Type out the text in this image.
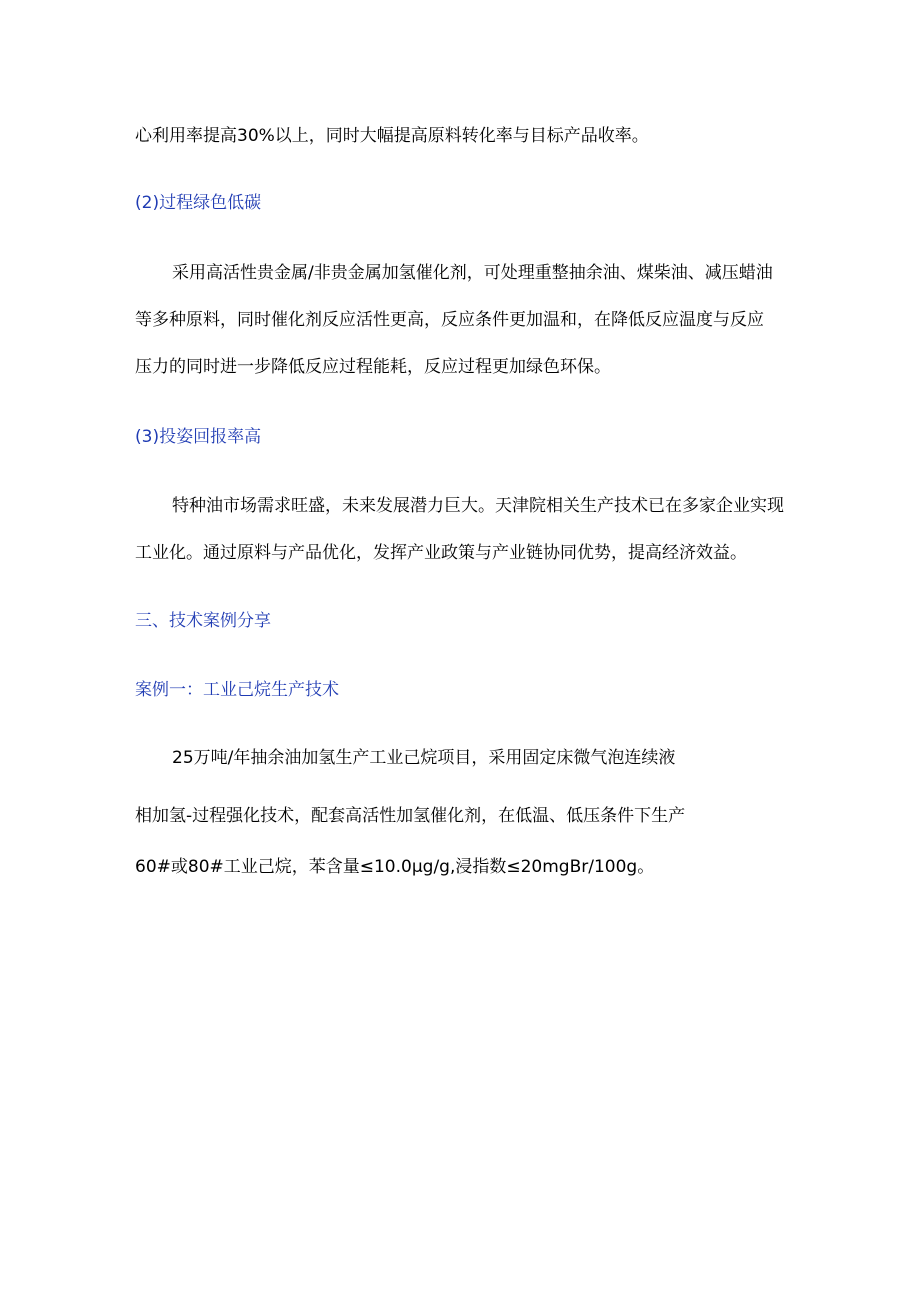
心利用率提高30%以上，同时大幅提高原料转化率与目标产品收率。
(2)过程绿色低碳
采用高活性贵金属/非贵金属加氢催化剂，可处理重整抽余油、煤柴油、减压蜡油
等多种原料，同时催化剂反应活性更高，反应条件更加温和，在降低反应温度与反应
压力的同时进一步降低反应过程能耗，反应过程更加绿色环保。
(3)投姿回报率高
特种油市场需求旺盛，未来发展潜力巨大。天津院相关生产技术已在多家企业实现
工业化。通过原料与产品优化，发挥产业政策与产业链协同优势，提高经济效益。
三、技术案例分享
案例一：工业己烷生产技术
25万吨/年抽余油加氢生产工业己烷项目，采用固定床微气泡连续液
相加氢-过程强化技术，配套高活性加氢催化剂，在低温、低压条件下生产
60#或80#工业己烷，苯含量≤10.0μg∕g,浸指数≤20mgBr/100g。
